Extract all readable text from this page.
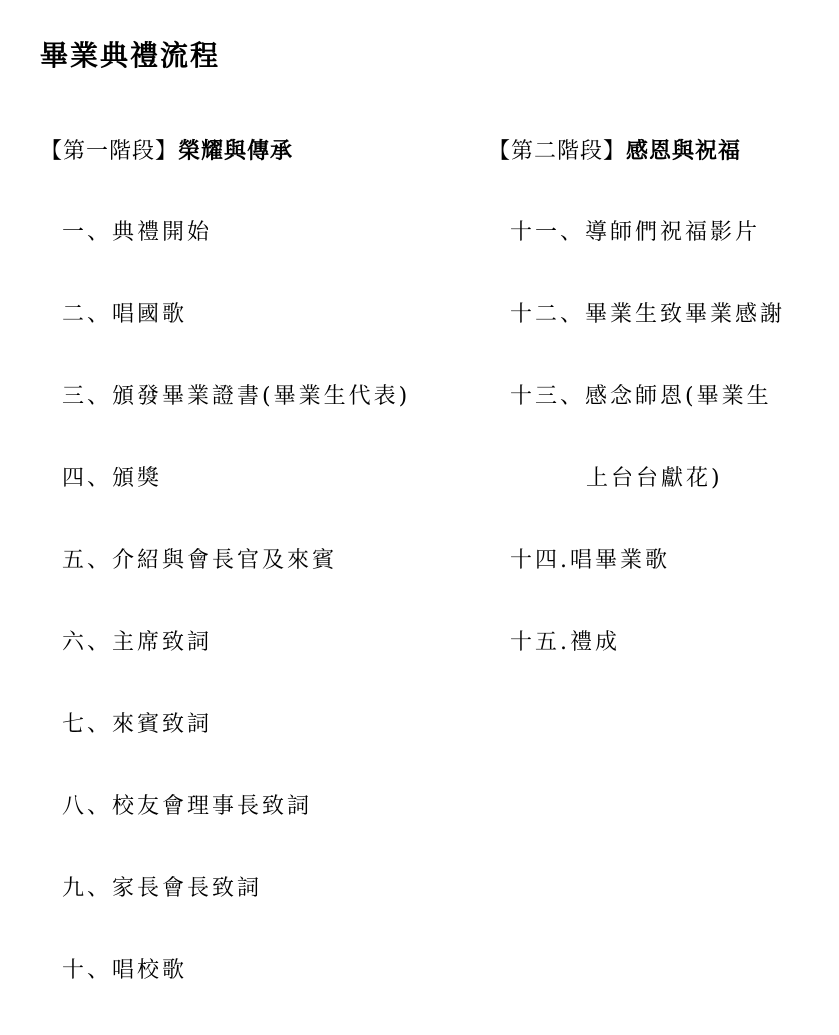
畢業典禮流程
【第一階段】榮耀與傳承
一、典禮開始
二、唱國歌
三、頒發畢業證書(畢業生代表)
四、頒獎
五、介紹與會長官及來賓
六、主席致詞
七、來賓致詞
八、校友會理事長致詞
九、家長會長致詞
十、唱校歌
【第二階段】感恩與祝福
十一、導師們祝福影片
十二、畢業生致畢業感謝
十三、感念師恩(畢業生
上台台獻花)
十四.唱畢業歌
十五.禮成
